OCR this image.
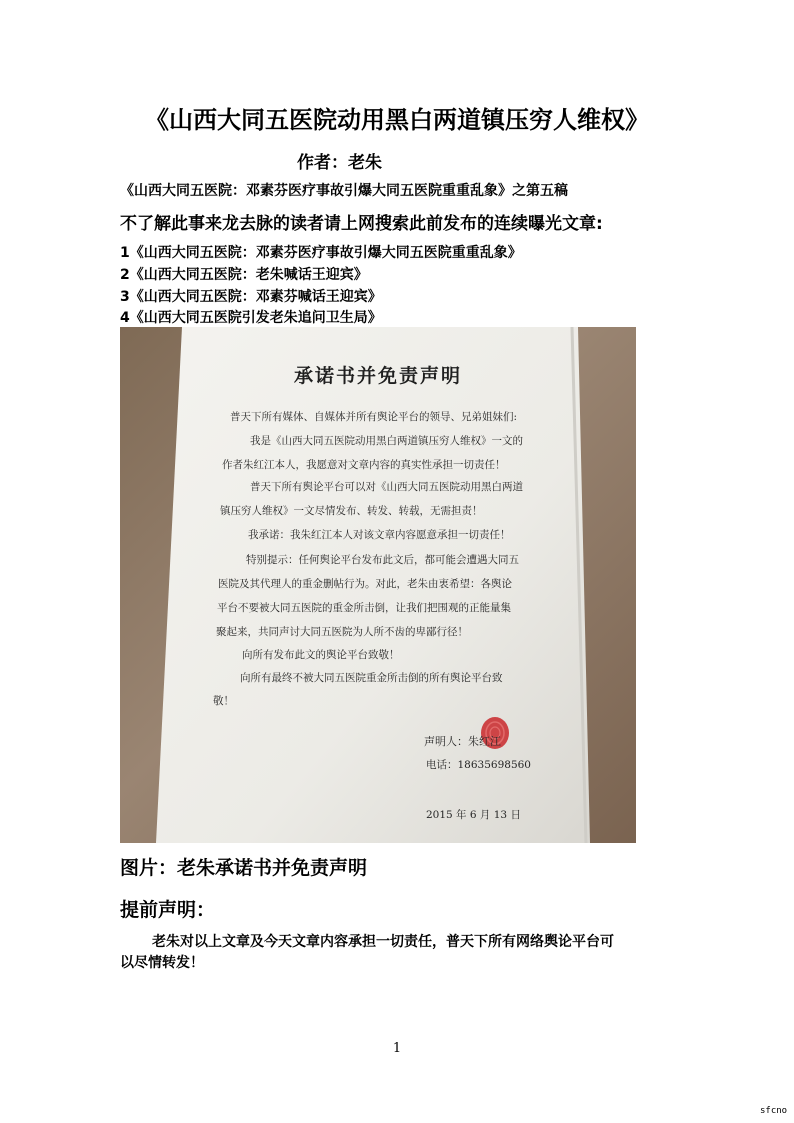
《山西大同五医院动用黑白两道镇压穷人维权》
作者：老朱
《山西大同五医院：邓素芬医疗事故引爆大同五医院重重乱象》之第五稿
不了解此事来龙去脉的读者请上网搜索此前发布的连续曝光文章:
1《山西大同五医院：邓素芬医疗事故引爆大同五医院重重乱象》
2《山西大同五医院：老朱喊话王迎宾》
3《山西大同五医院：邓素芬喊话王迎宾》
4《山西大同五医院引发老朱追问卫生局》
承诺书并免责声明
普天下所有媒体、自媒体并所有舆论平台的领导、兄弟姐妹们:
我是《山西大同五医院动用黑白两道镇压穷人维权》一文的
作者朱红江本人，我愿意对文章内容的真实性承担一切责任！
普天下所有舆论平台可以对《山西大同五医院动用黑白两道
镇压穷人维权》一文尽情发布、转发、转载，无需担责！
我承诺：我朱红江本人对该文章内容愿意承担一切责任！
特别提示：任何舆论平台发布此文后，都可能会遭遇大同五
医院及其代理人的重金删帖行为。对此，老朱由衷希望：各舆论
平台不要被大同五医院的重金所击倒，让我们把围观的正能量集
聚起来，共同声讨大同五医院为人所不齿的卑鄙行径！
向所有发布此文的舆论平台致敬！
向所有最终不被大同五医院重金所击倒的所有舆论平台致
敬！
声明人：朱红江
电话：18635698560
2015 年 6 月 13 日
图片：老朱承诺书并免责声明
提前声明：
老朱对以上文章及今天文章内容承担一切责任，普天下所有网络舆论平台可
以尽情转发！
1
sfcno
